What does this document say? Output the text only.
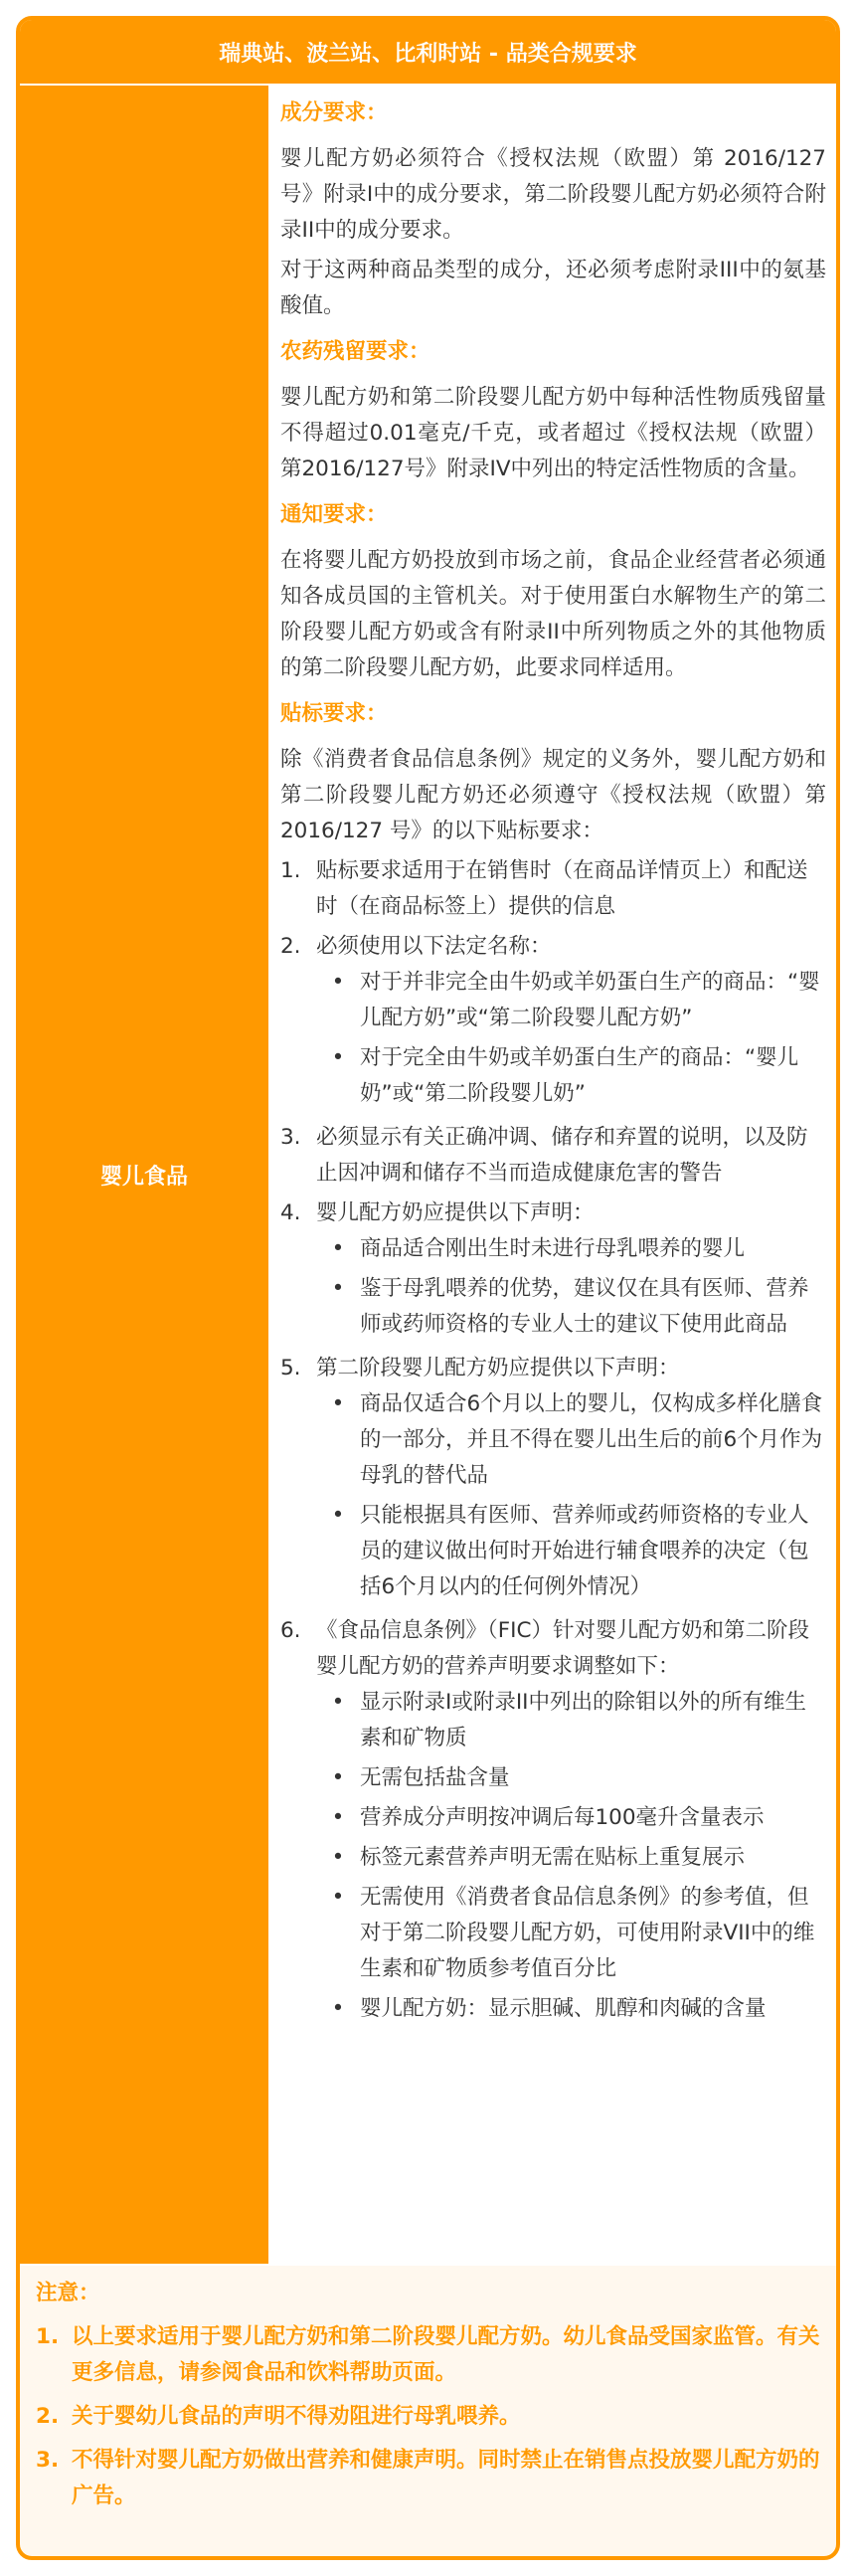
瑞典站、波兰站、比利时站 - 品类合规要求
婴儿食品
成分要求：
婴儿配方奶必须符合《授权法规（欧盟）第 2016/127号》附录I中的成分要求，第二阶段婴儿配方奶必须符合附录II中的成分要求。
对于这两种商品类型的成分，还必须考虑附录III中的氨基酸值。
农药残留要求：
婴儿配方奶和第二阶段婴儿配方奶中每种活性物质残留量不得超过0.01毫克/千克，或者超过《授权法规（欧盟）第2016/127号》附录IV中列出的特定活性物质的含量。
通知要求：
在将婴儿配方奶投放到市场之前，食品企业经营者必须通知各成员国的主管机关。对于使用蛋白水解物生产的第二阶段婴儿配方奶或含有附录II中所列物质之外的其他物质的第二阶段婴儿配方奶，此要求同样适用。
贴标要求：
除《消费者食品信息条例》规定的义务外，婴儿配方奶和第二阶段婴儿配方奶还必须遵守《授权法规（欧盟）第 2016/127 号》的以下贴标要求：
1. 贴标要求适用于在销售时（在商品详情页上）和配送时（在商品标签上）提供的信息
2. 必须使用以下法定名称：
• 对于并非完全由牛奶或羊奶蛋白生产的商品：“婴儿配方奶”或“第二阶段婴儿配方奶”
• 对于完全由牛奶或羊奶蛋白生产的商品：“婴儿奶”或“第二阶段婴儿奶”
3. 必须显示有关正确冲调、储存和弃置的说明，以及防止因冲调和储存不当而造成健康危害的警告
4. 婴儿配方奶应提供以下声明：
• 商品适合刚出生时未进行母乳喂养的婴儿
• 鉴于母乳喂养的优势，建议仅在具有医师、营养师或药师资格的专业人士的建议下使用此商品
5. 第二阶段婴儿配方奶应提供以下声明：
• 商品仅适合6个月以上的婴儿，仅构成多样化膳食的一部分，并且不得在婴儿出生后的前6个月作为母乳的替代品
• 只能根据具有医师、营养师或药师资格的专业人员的建议做出何时开始进行辅食喂养的决定（包括6个月以内的任何例外情况）
6. 《食品信息条例》（FIC）针对婴儿配方奶和第二阶段婴儿配方奶的营养声明要求调整如下：
• 显示附录I或附录II中列出的除钼以外的所有维生素和矿物质
• 无需包括盐含量
• 营养成分声明按冲调后每100毫升含量表示
• 标签元素营养声明无需在贴标上重复展示
• 无需使用《消费者食品信息条例》的参考值，但对于第二阶段婴儿配方奶，可使用附录VII中的维生素和矿物质参考值百分比
• 婴儿配方奶：显示胆碱、肌醇和肉碱的含量
注意：
1. 以上要求适用于婴儿配方奶和第二阶段婴儿配方奶。幼儿食品受国家监管。有关更多信息，请参阅食品和饮料帮助页面。
2. 关于婴幼儿食品的声明不得劝阻进行母乳喂养。
3. 不得针对婴儿配方奶做出营养和健康声明。同时禁止在销售点投放婴儿配方奶的广告。
